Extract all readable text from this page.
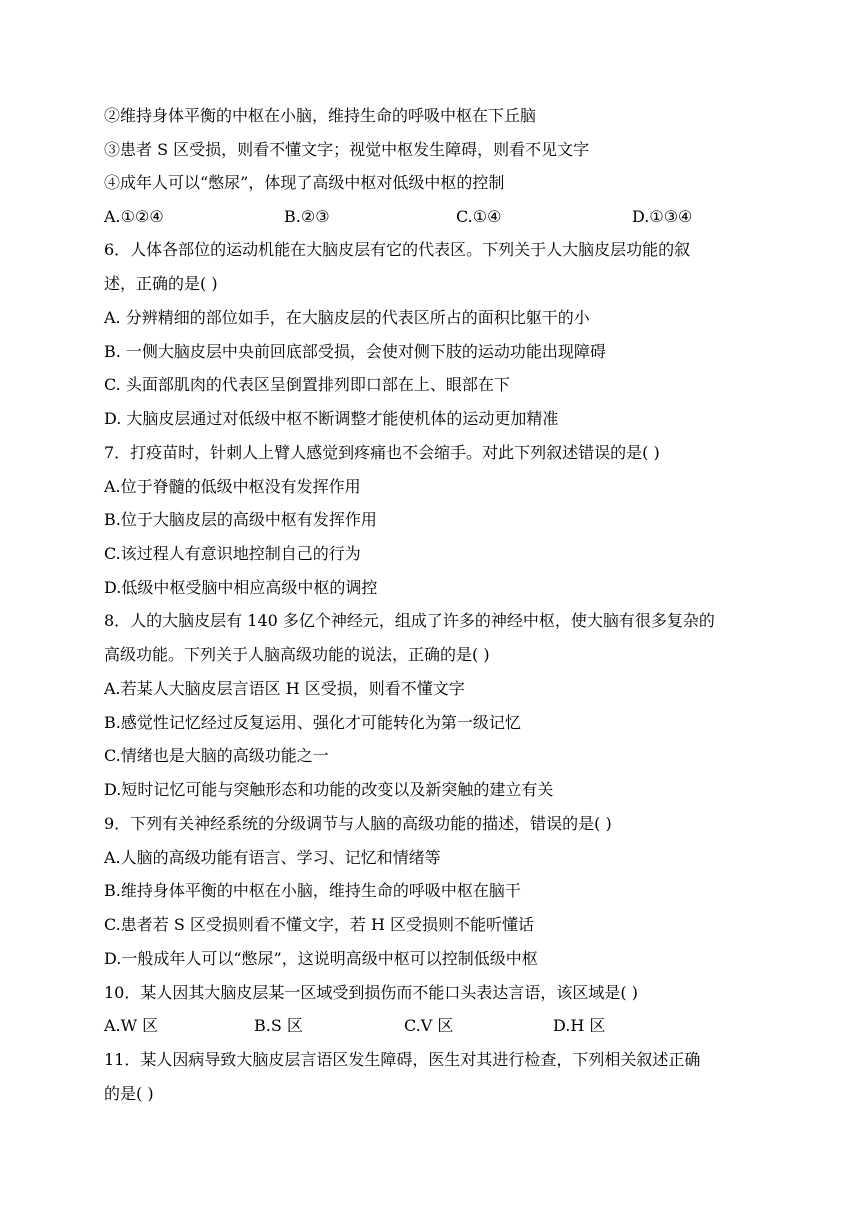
②维持身体平衡的中枢在小脑，维持生命的呼吸中枢在下丘脑
③患者 S 区受损，则看不懂文字；视觉中枢发生障碍，则看不见文字
④成年人可以“憋尿”，体现了高级中枢对低级中枢的控制
A.①②④	B.②③	C.①④	D.①③④
6．人体各部位的运动机能在大脑皮层有它的代表区。下列关于人大脑皮层功能的叙
述，正确的是( )
A. 分辨精细的部位如手，在大脑皮层的代表区所占的面积比躯干的小
B. 一侧大脑皮层中央前回底部受损，会使对侧下肢的运动功能出现障碍
C. 头面部肌肉的代表区呈倒置排列即口部在上、眼部在下
D. 大脑皮层通过对低级中枢不断调整才能使机体的运动更加精准
7．打疫苗时，针刺人上臂人感觉到疼痛也不会缩手。对此下列叙述错误的是( )
A.位于脊髓的低级中枢没有发挥作用
B.位于大脑皮层的高级中枢有发挥作用
C.该过程人有意识地控制自己的行为
D.低级中枢受脑中相应高级中枢的调控
8．人的大脑皮层有 140 多亿个神经元，组成了许多的神经中枢，使大脑有很多复杂的
高级功能。下列关于人脑高级功能的说法，正确的是( )
A.若某人大脑皮层言语区 H 区受损，则看不懂文字
B.感觉性记忆经过反复运用、强化才可能转化为第一级记忆
C.情绪也是大脑的高级功能之一
D.短时记忆可能与突触形态和功能的改变以及新突触的建立有关
9．下列有关神经系统的分级调节与人脑的高级功能的描述，错误的是( )
A.人脑的高级功能有语言、学习、记忆和情绪等
B.维持身体平衡的中枢在小脑，维持生命的呼吸中枢在脑干
C.患者若 S 区受损则看不懂文字，若 H 区受损则不能听懂话
D.一般成年人可以“憋尿”，这说明高级中枢可以控制低级中枢
10．某人因其大脑皮层某一区域受到损伤而不能口头表达言语，该区域是( )
A.W 区	B.S 区	C.V 区	D.H 区
11．某人因病导致大脑皮层言语区发生障碍，医生对其进行检查，下列相关叙述正确
的是( )
